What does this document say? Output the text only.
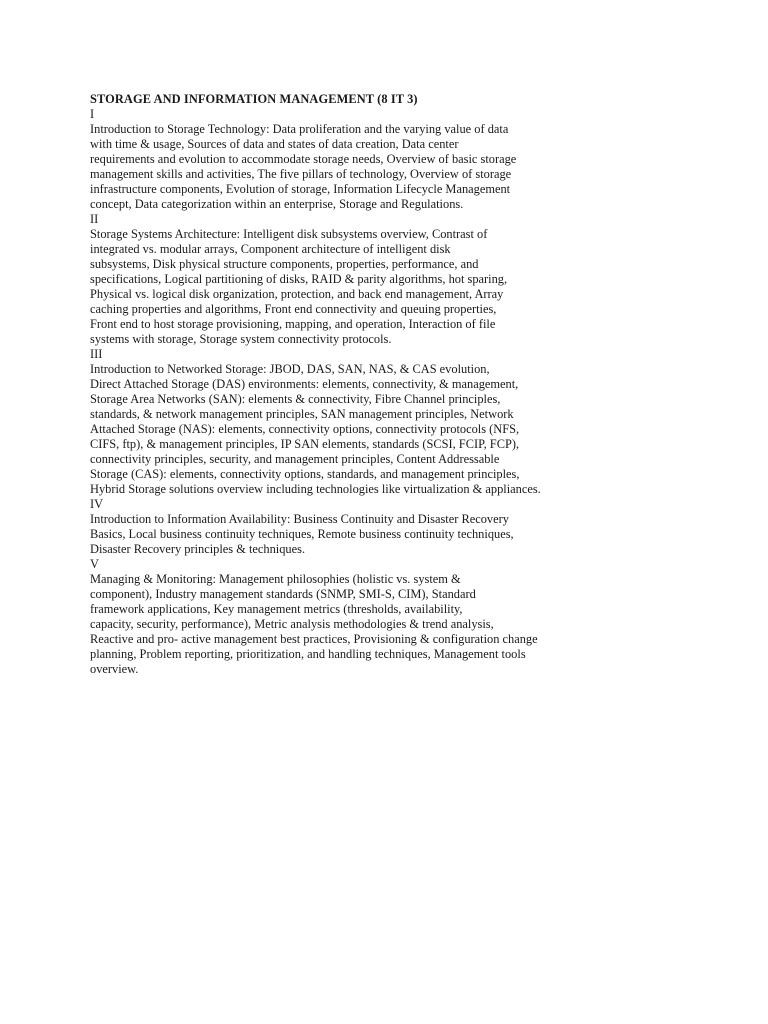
STORAGE AND INFORMATION MANAGEMENT (8 IT 3)
I
Introduction to Storage Technology: Data proliferation and the varying value of data
with time & usage, Sources of data and states of data creation, Data center
requirements and evolution to accommodate storage needs, Overview of basic storage
management skills and activities, The five pillars of technology, Overview of storage
infrastructure components, Evolution of storage, Information Lifecycle Management
concept, Data categorization within an enterprise, Storage and Regulations.
II
Storage Systems Architecture: Intelligent disk subsystems overview, Contrast of
integrated vs. modular arrays, Component architecture of intelligent disk
subsystems, Disk physical structure components, properties, performance, and
specifications, Logical partitioning of disks, RAID & parity algorithms, hot sparing,
Physical vs. logical disk organization, protection, and back end management, Array
caching properties and algorithms, Front end connectivity and queuing properties,
Front end to host storage provisioning, mapping, and operation, Interaction of file
systems with storage, Storage system connectivity protocols.
III
Introduction to Networked Storage: JBOD, DAS, SAN, NAS, & CAS evolution,
Direct Attached Storage (DAS) environments: elements, connectivity, & management,
Storage Area Networks (SAN): elements & connectivity, Fibre Channel principles,
standards, & network management principles, SAN management principles, Network
Attached Storage (NAS): elements, connectivity options, connectivity protocols (NFS,
CIFS, ftp), & management principles, IP SAN elements, standards (SCSI, FCIP, FCP),
connectivity principles, security, and management principles, Content Addressable
Storage (CAS): elements, connectivity options, standards, and management principles,
Hybrid Storage solutions overview including technologies like virtualization & appliances.
IV
Introduction to Information Availability: Business Continuity and Disaster Recovery
Basics, Local business continuity techniques, Remote business continuity techniques,
Disaster Recovery principles & techniques.
V
Managing & Monitoring: Management philosophies (holistic vs. system &
component), Industry management standards (SNMP, SMI-S, CIM), Standard
framework applications, Key management metrics (thresholds, availability,
capacity, security, performance), Metric analysis methodologies & trend analysis,
Reactive and pro- active management best practices, Provisioning & configuration change
planning, Problem reporting, prioritization, and handling techniques, Management tools
overview.
